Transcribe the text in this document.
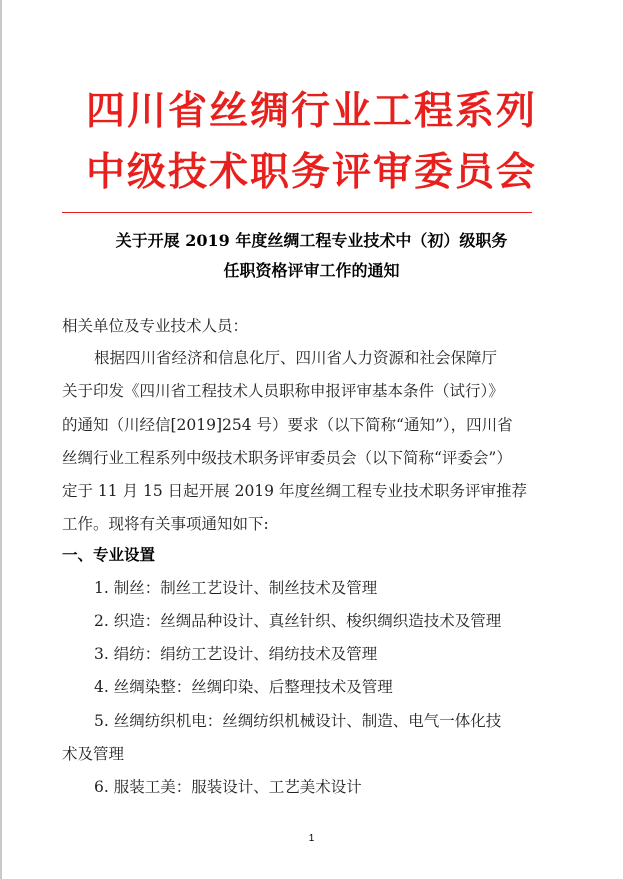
四川省丝绸行业工程系列
中级技术职务评审委员会
关于开展 2019 年度丝绸工程专业技术中（初）级职务
任职资格评审工作的通知
相关单位及专业技术人员：
根据四川省经济和信息化厅、四川省人力资源和社会保障厅
关于印发《四川省工程技术人员职称申报评审基本条件（试行）》
的通知（川经信[2019]254 号）要求（以下简称“通知”），四川省
丝绸行业工程系列中级技术职务评审委员会（以下简称“评委会”）
定于 11 月 15 日起开展 2019 年度丝绸工程专业技术职务评审推荐
工作。现将有关事项通知如下:
一、专业设置
1. 制丝：制丝工艺设计、制丝技术及管理
2. 织造：丝绸品种设计、真丝针织、梭织绸织造技术及管理
3. 绢纺：绢纺工艺设计、绢纺技术及管理
4. 丝绸染整：丝绸印染、后整理技术及管理
5. 丝绸纺织机电：丝绸纺织机械设计、制造、电气一体化技
术及管理
6. 服装工美：服装设计、工艺美术设计
1
